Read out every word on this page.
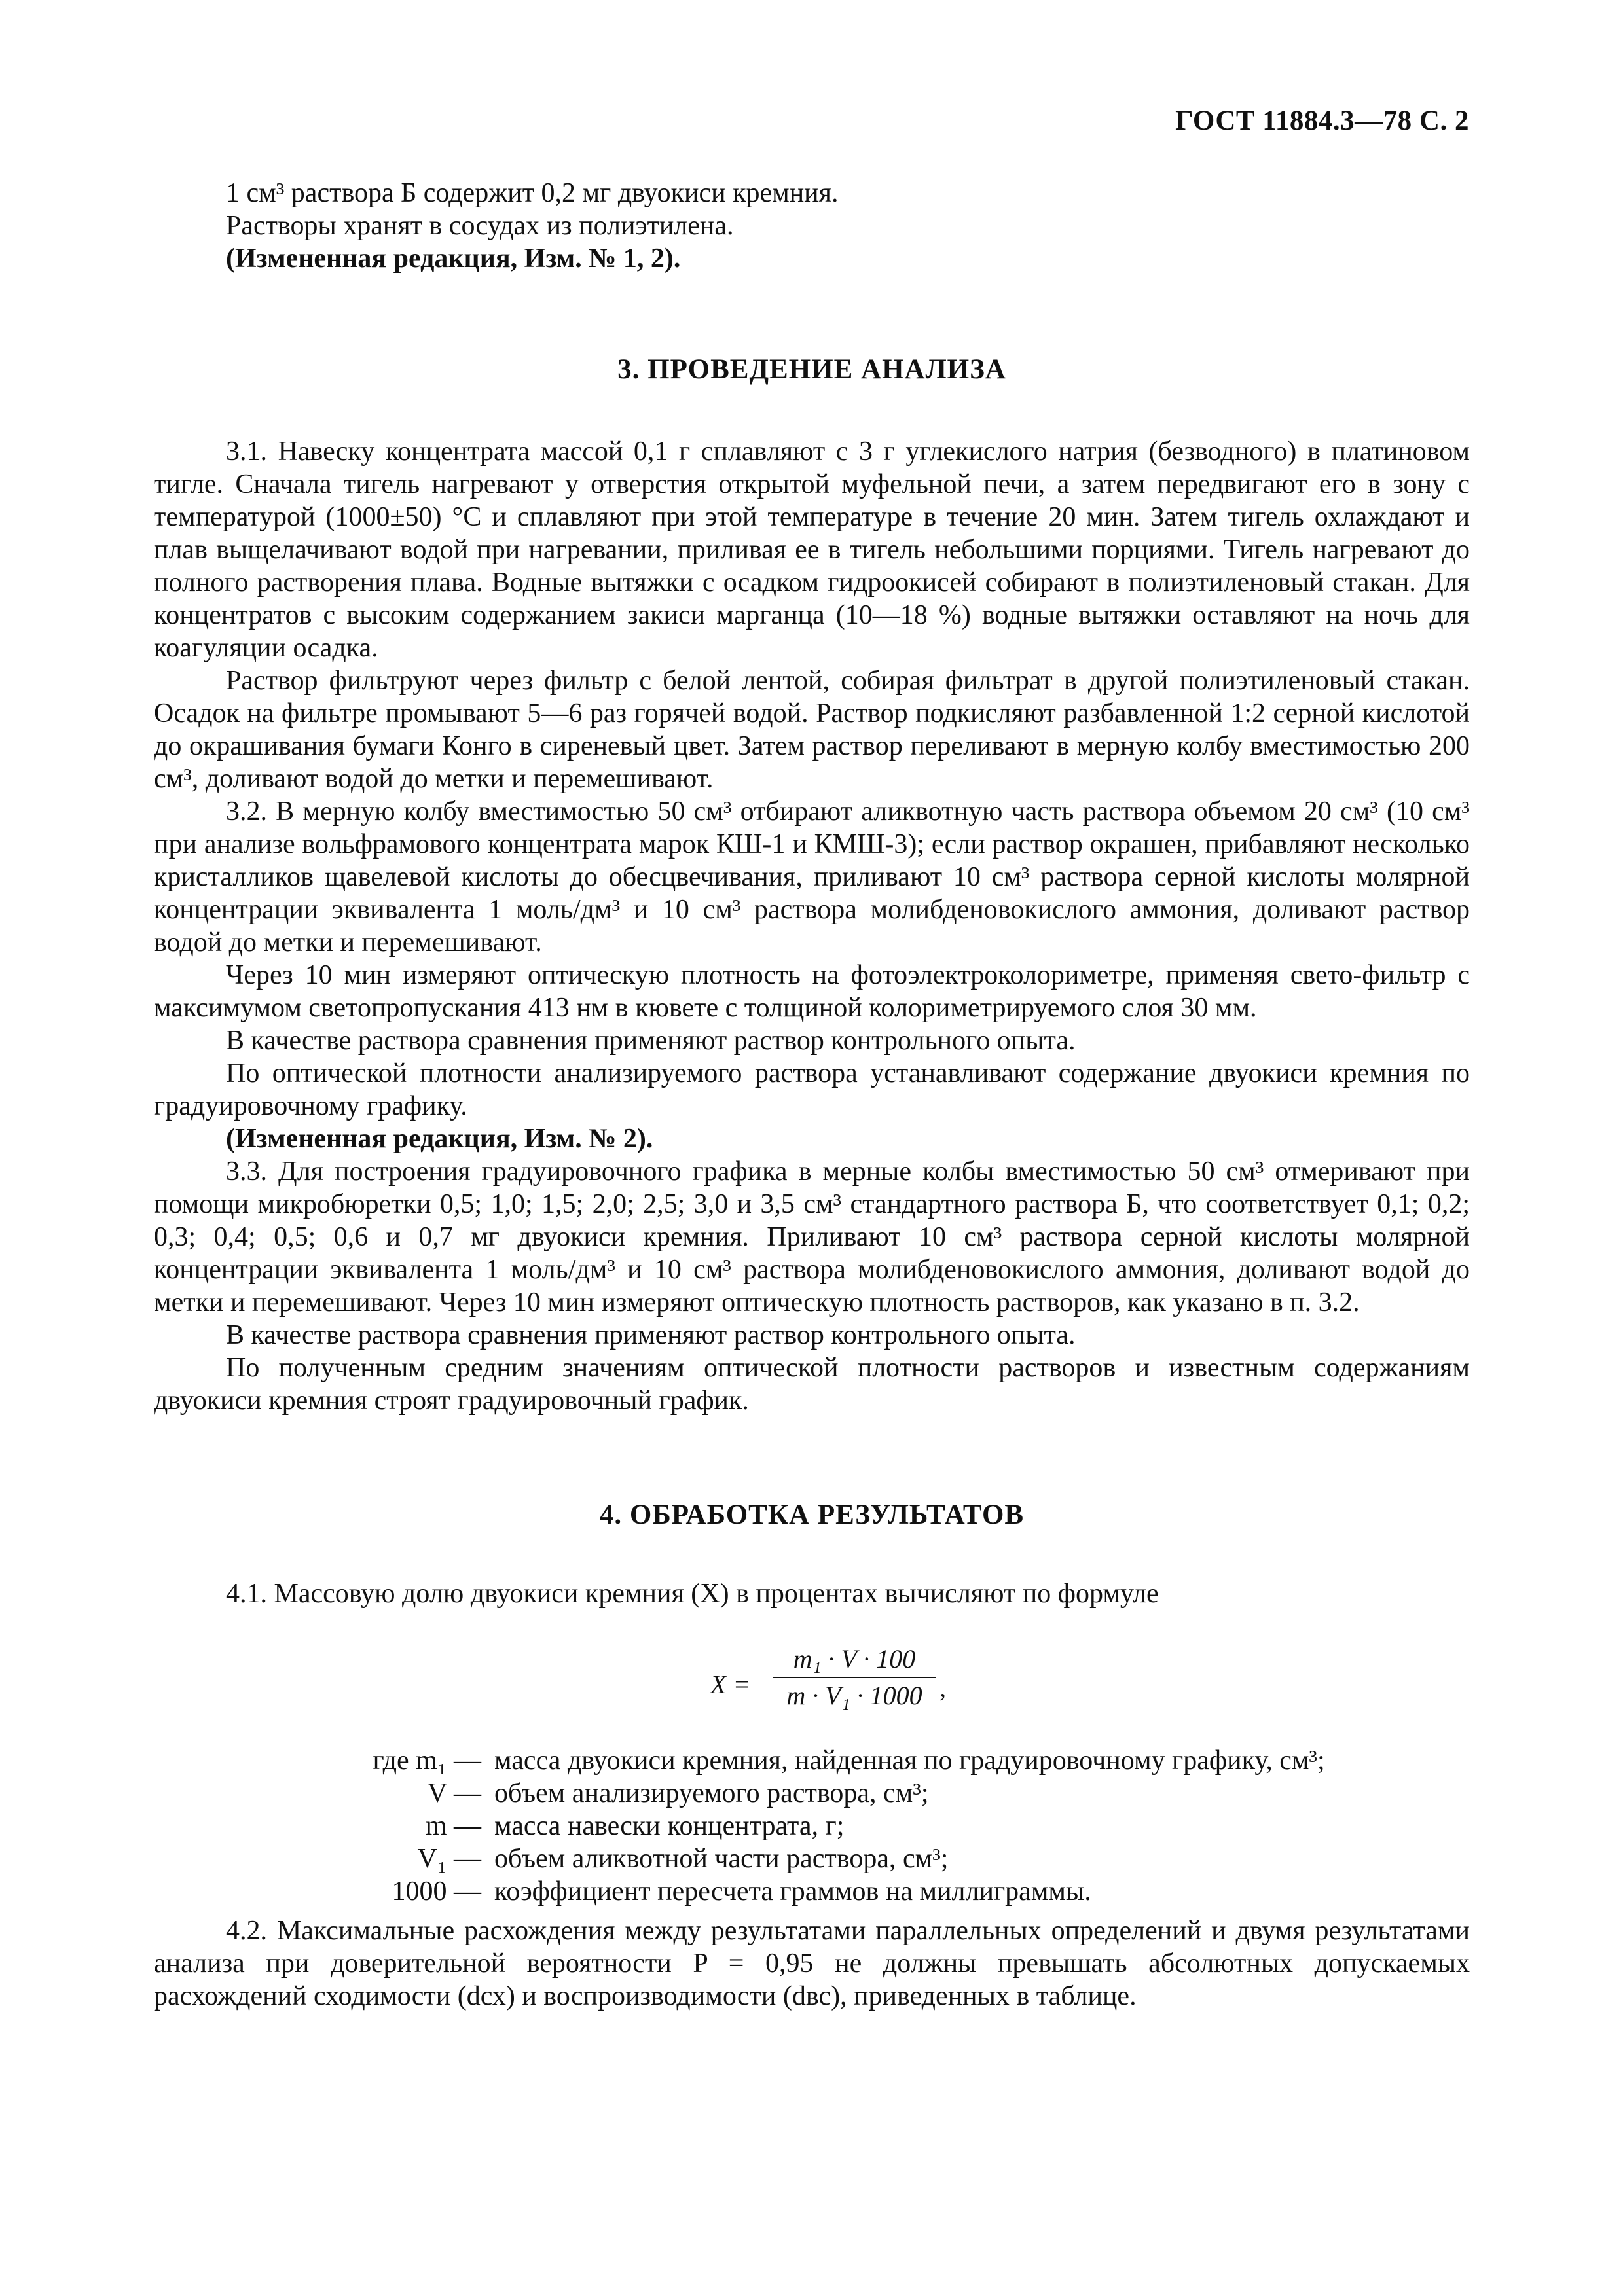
ГОСТ 11884.3—78 С. 2

1 см³ раствора Б содержит 0,2 мг двуокиси кремния.

Растворы хранят в сосудах из полиэтилена.

(Измененная редакция, Изм. № 1, 2).

3. ПРОВЕДЕНИЕ АНАЛИЗА

3.1. Навеску концентрата массой 0,1 г сплавляют с 3 г углекислого натрия (безводного) в платиновом тигле. Сначала тигель нагревают у отверстия открытой муфельной печи, а затем передвигают его в зону с температурой (1000±50) °С и сплавляют при этой температуре в течение 20 мин. Затем тигель охлаждают и плав выщелачивают водой при нагревании, приливая ее в тигель небольшими порциями. Тигель нагревают до полного растворения плава. Водные вытяжки с осадком гидроокисей собирают в полиэтиленовый стакан. Для концентратов с высоким содержанием закиси марганца (10—18 %) водные вытяжки оставляют на ночь для коагуляции осадка.

Раствор фильтруют через фильтр с белой лентой, собирая фильтрат в другой полиэтиленовый стакан. Осадок на фильтре промывают 5—6 раз горячей водой. Раствор подкисляют разбавленной 1:2 серной кислотой до окрашивания бумаги Конго в сиреневый цвет. Затем раствор переливают в мерную колбу вместимостью 200 см³, доливают водой до метки и перемешивают.

3.2. В мерную колбу вместимостью 50 см³ отбирают аликвотную часть раствора объемом 20 см³ (10 см³ при анализе вольфрамового концентрата марок КШ-1 и КМШ-3); если раствор окрашен, прибавляют несколько кристалликов щавелевой кислоты до обесцвечивания, приливают 10 см³ раствора серной кислоты молярной концентрации эквивалента 1 моль/дм³ и 10 см³ раствора молибденовокислого аммония, доливают раствор водой до метки и перемешивают.

Через 10 мин измеряют оптическую плотность на фотоэлектроколориметре, применяя свето-фильтр с максимумом светопропускания 413 нм в кювете с толщиной колориметрируемого слоя 30 мм.

В качестве раствора сравнения применяют раствор контрольного опыта.

По оптической плотности анализируемого раствора устанавливают содержание двуокиси кремния по градуировочному графику.

(Измененная редакция, Изм. № 2).

3.3. Для построения градуировочного графика в мерные колбы вместимостью 50 см³ отмеривают при помощи микробюретки 0,5; 1,0; 1,5; 2,0; 2,5; 3,0 и 3,5 см³ стандартного раствора Б, что соответствует 0,1; 0,2; 0,3; 0,4; 0,5; 0,6 и 0,7 мг двуокиси кремния. Приливают 10 см³ раствора серной кислоты молярной концентрации эквивалента 1 моль/дм³ и 10 см³ раствора молибденовокислого аммония, доливают водой до метки и перемешивают. Через 10 мин измеряют оптическую плотность растворов, как указано в п. 3.2.

В качестве раствора сравнения применяют раствор контрольного опыта.

По полученным средним значениям оптической плотности растворов и известным содержаниям двуокиси кремния строят градуировочный график.

4. ОБРАБОТКА РЕЗУЛЬТАТОВ

4.1. Массовую долю двуокиси кремния (X) в процентах вычисляют по формуле

X =
m₁ · V · 100
m · V₁ · 1000 ,
где m₁ — масса двуокиси кремния, найденная по градуировочному графику, см³;
V — объем анализируемого раствора, см³;
m — масса навески концентрата, г;
V₁ — объем аликвотной части раствора, см³;
1000 — коэффициент пересчета граммов на миллиграммы.

4.2. Максимальные расхождения между результатами параллельных определений и двумя результатами анализа при доверительной вероятности P = 0,95 не должны превышать абсолютных допускаемых расхождений сходимости (dсх) и воспроизводимости (dвс), приведенных в таблице.
